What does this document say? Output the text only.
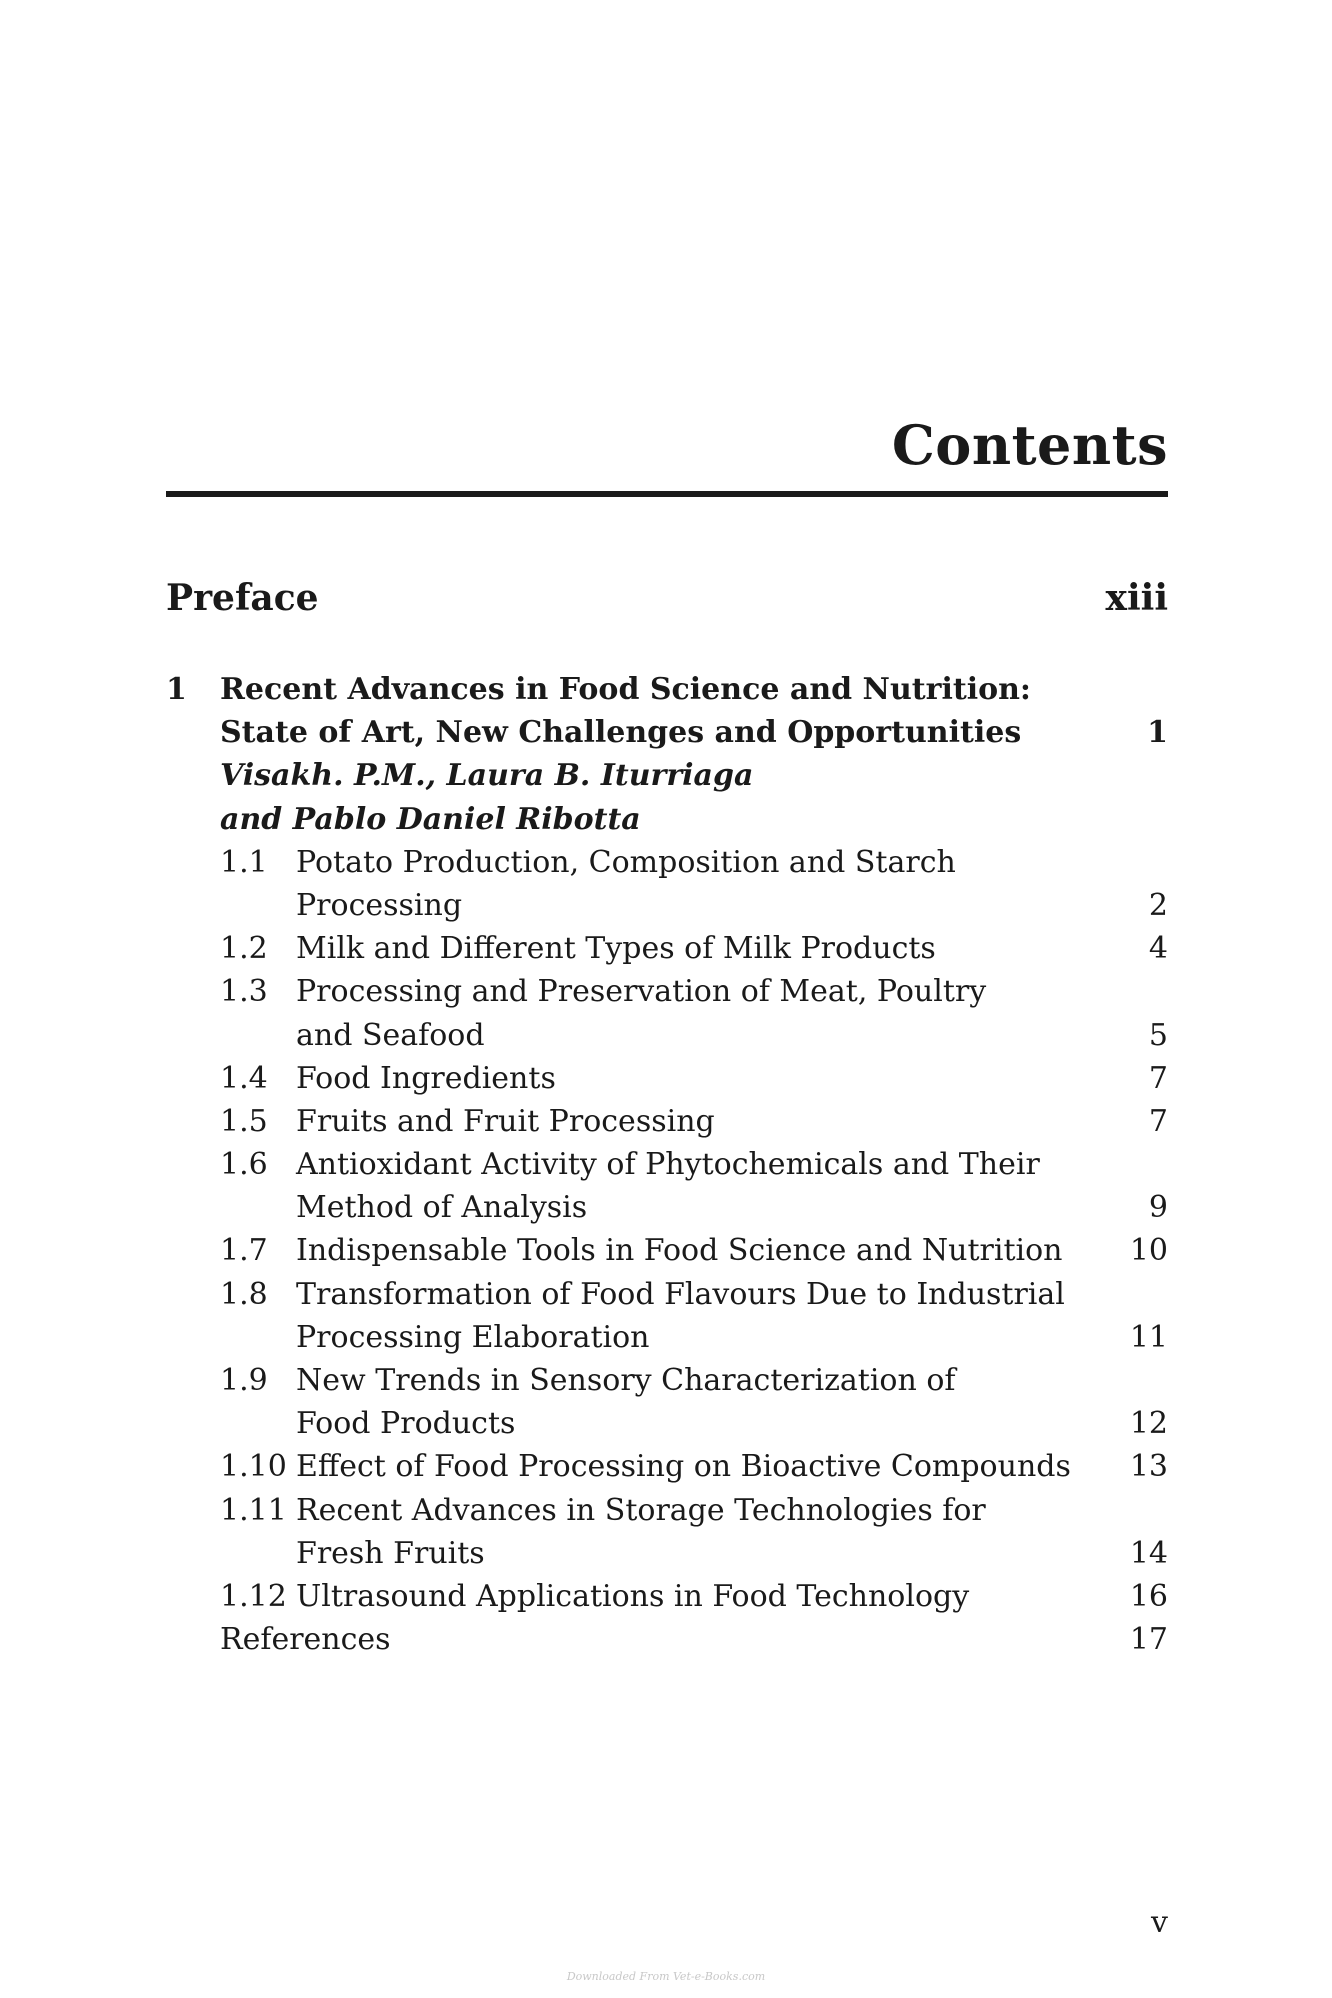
Contents
Preface	xiii
1 Recent Advances in Food Science and Nutrition:
State of Art, New Challenges and Opportunities	1
Visakh. P.M., Laura B. Iturriaga
and Pablo Daniel Ribotta
1.1 Potato Production, Composition and Starch
Processing	2
1.2 Milk and Different Types of Milk Products	4
1.3 Processing and Preservation of Meat, Poultry
and Seafood	5
1.4 Food Ingredients	7
1.5 Fruits and Fruit Processing	7
1.6 Antioxidant Activity of Phytochemicals and Their
Method of Analysis	9
1.7 Indispensable Tools in Food Science and Nutrition 10
1.8 Transformation of Food Flavours Due to Industrial
Processing Elaboration	11
1.9 New Trends in Sensory Characterization of
Food Products	12
1.10 Effect of Food Processing on Bioactive Compounds 13
1.11 Recent Advances in Storage Technologies for
Fresh Fruits	14
1.12 Ultrasound Applications in Food Technology	16
References	17
v
Downloaded From Vet-e-Books.com
